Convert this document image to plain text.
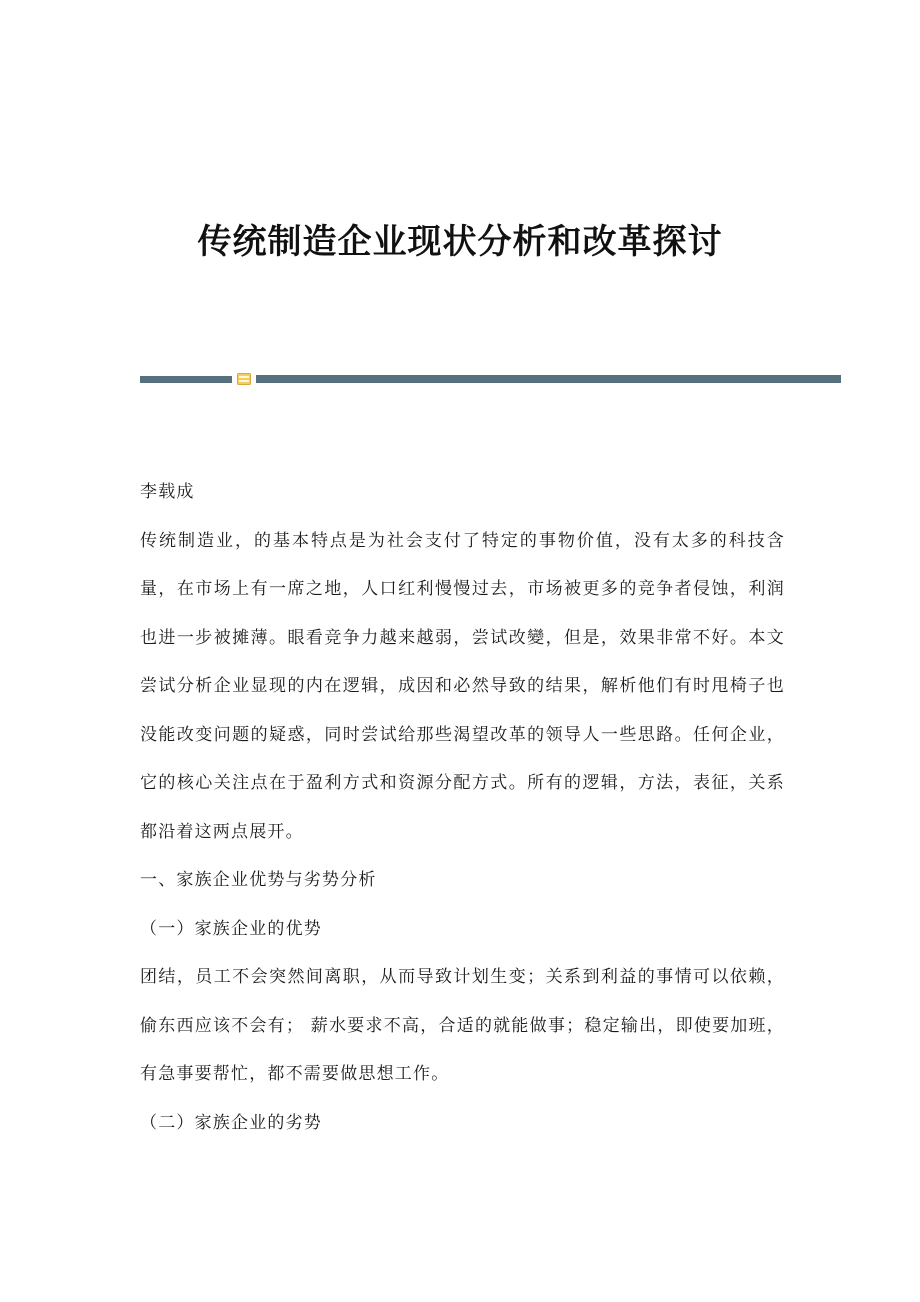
传统制造企业现状分析和改革探讨

李载成

传统制造业，的基本特点是为社会支付了特定的事物价值，没有太多的科技含量，在市场上有一席之地，人口红利慢慢过去，市场被更多的竞争者侵蚀，利润也进一步被摊薄。眼看竞争力越来越弱，尝试改變，但是，效果非常不好。本文尝试分析企业显现的内在逻辑，成因和必然导致的结果，解析他们有时甩椅子也没能改变问题的疑惑，同时尝试给那些渴望改革的领导人一些思路。任何企业，它的核心关注点在于盈利方式和资源分配方式。所有的逻辑，方法，表征，关系都沿着这两点展开。

一、家族企业优势与劣势分析

（一）家族企业的优势

团结，员工不会突然间离职，从而导致计划生变；关系到利益的事情可以依赖，偷东西应该不会有； 薪水要求不高，合适的就能做事；稳定输出，即使要加班，有急事要帮忙，都不需要做思想工作。

（二）家族企业的劣势
